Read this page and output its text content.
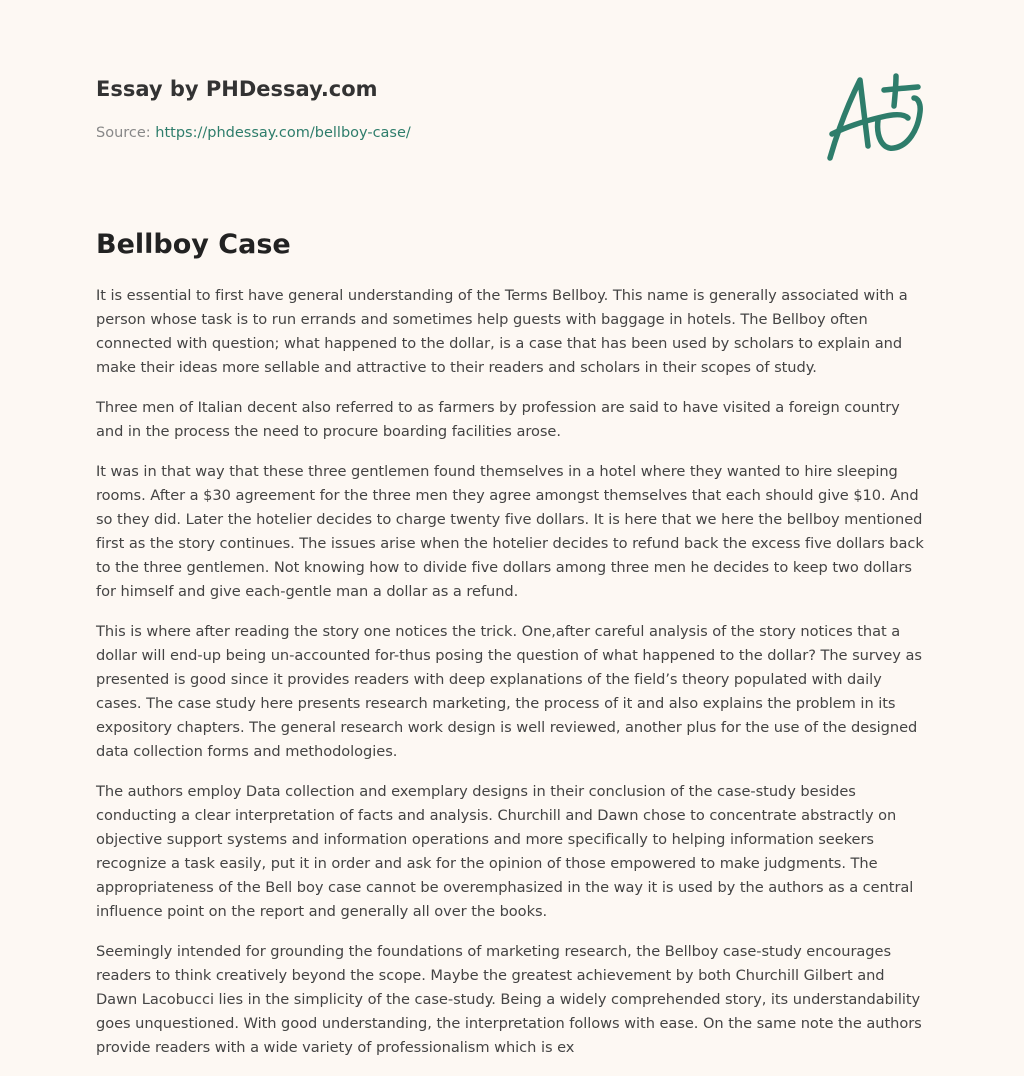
Essay by PHDessay.com
Source: https://phdessay.com/bellboy-case/
Bellboy Case

It is essential to first have general understanding of the Terms Bellboy. This name is generally associated with a person whose task is to run errands and sometimes help guests with baggage in hotels. The Bellboy often connected with question; what happened to the dollar, is a case that has been used by scholars to explain and make their ideas more sellable and attractive to their readers and scholars in their scopes of study.

Three men of Italian decent also referred to as farmers by profession are said to have visited a foreign country and in the process the need to procure boarding facilities arose.

It was in that way that these three gentlemen found themselves in a hotel where they wanted to hire sleeping rooms. After a $30 agreement for the three men they agree amongst themselves that each should give $10. And so they did. Later the hotelier decides to charge twenty five dollars. It is here that we here the bellboy mentioned first as the story continues. The issues arise when the hotelier decides to refund back the excess five dollars back to the three gentlemen. Not knowing how to divide five dollars among three men he decides to keep two dollars for himself and give each-gentle man a dollar as a refund.

This is where after reading the story one notices the trick. One,after careful analysis of the story notices that a dollar will end-up being un-accounted for-thus posing the question of what happened to the dollar? The survey as presented is good since it provides readers with deep explanations of the field’s theory populated with daily cases. The case study here presents research marketing, the process of it and also explains the problem in its expository chapters. The general research work design is well reviewed, another plus for the use of the designed data collection forms and methodologies.

The authors employ Data collection and exemplary designs in their conclusion of the case-study besides conducting a clear interpretation of facts and analysis. Churchill and Dawn chose to concentrate abstractly on objective support systems and information operations and more specifically to helping information seekers recognize a task easily, put it in order and ask for the opinion of those empowered to make judgments. The appropriateness of the Bell boy case cannot be overemphasized in the way it is used by the authors as a central influence point on the report and generally all over the books.

Seemingly intended for grounding the foundations of marketing research, the Bellboy case-study encourages readers to think creatively beyond the scope. Maybe the greatest achievement by both Churchill Gilbert and Dawn Lacobucci lies in the simplicity of the case-study. Being a widely comprehended story, its understandability goes unquestioned. With good understanding, the interpretation follows with ease. On the same note the authors provide readers with a wide variety of professionalism which is ex
